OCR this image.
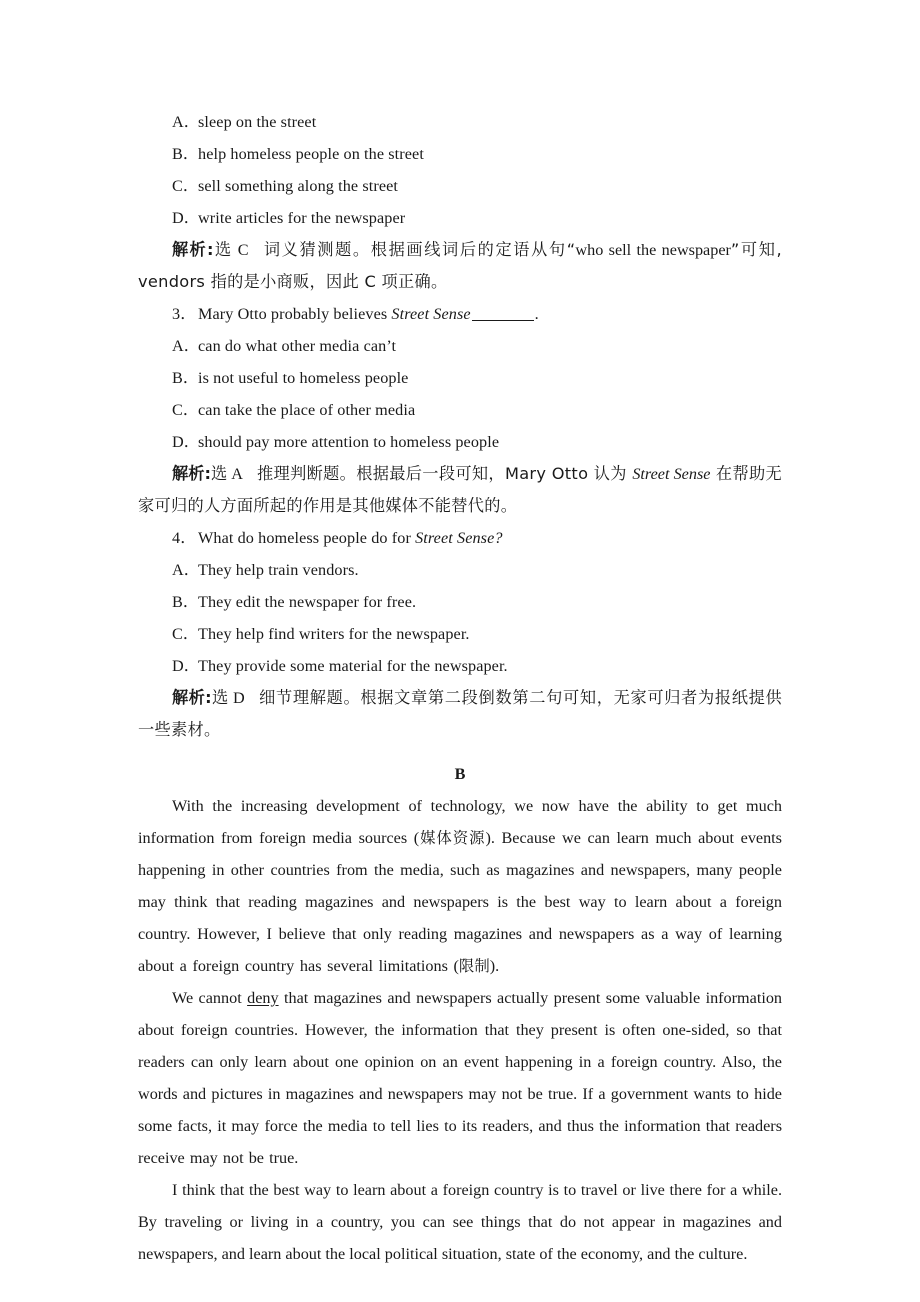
A．sleep on the street
B．help homeless people on the street
C．sell something along the street
D．write articles for the newspaper
解析:选 C 词义猜测题。根据画线词后的定语从句“who sell the newspaper”可知, vendors 指的是小商贩，因此 C 项正确。
3．Mary Otto probably believes Street Sense	.
A．can do what other media can’t
B．is not useful to homeless people
C．can take the place of other media
D．should pay more attention to homeless people
解析:选 A 推理判断题。根据最后一段可知，Mary Otto 认为 Street Sense 在帮助无家可归的人方面所起的作用是其他媒体不能替代的。
4．What do homeless people do for Street Sense?
A．They help train vendors.
B．They edit the newspaper for free.
C．They help find writers for the newspaper.
D．They provide some material for the newspaper.
解析:选 D 细节理解题。根据文章第二段倒数第二句可知，无家可归者为报纸提供一些素材。
B
With the increasing development of technology, we now have the ability to get much information from foreign media sources (媒体资源). Because we can learn much about events happening in other countries from the media, such as magazines and newspapers, many people may think that reading magazines and newspapers is the best way to learn about a foreign country. However, I believe that only reading magazines and newspapers as a way of learning about a foreign country has several limitations (限制).
We cannot deny that magazines and newspapers actually present some valuable information about foreign countries. However, the information that they present is often one-sided, so that readers can only learn about one opinion on an event happening in a foreign country. Also, the words and pictures in magazines and newspapers may not be true. If a government wants to hide some facts, it may force the media to tell lies to its readers, and thus the information that readers receive may not be true.
I think that the best way to learn about a foreign country is to travel or live there for a while. By traveling or living in a country, you can see things that do not appear in magazines and newspapers, and learn about the local political situation, state of the economy, and the culture.
